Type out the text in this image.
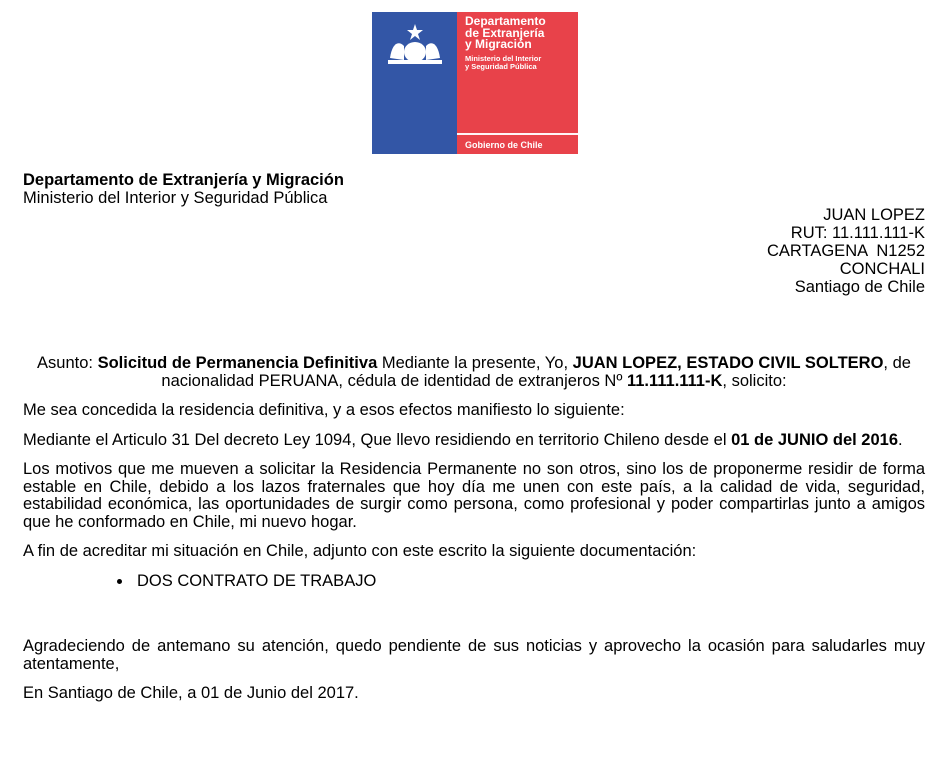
Departamento
de Extranjería
y Migración
Ministerio del Interior
y Seguridad Pública
Gobierno de Chile
Departamento de Extranjería y Migración
Ministerio del Interior y Seguridad Pública
JUAN LOPEZ
RUT: 11.111.111-K
CARTAGENA  N1252
CONCHALI
Santiago de Chile

Asunto: Solicitud de Permanencia Definitiva Mediante la presente, Yo, JUAN LOPEZ, ESTADO CIVIL SOLTERO, de nacionalidad PERUANA, cédula de identidad de extranjeros Nº 11.111.111-K, solicito:

Me sea concedida la residencia definitiva, y a esos efectos manifiesto lo siguiente:

Mediante el Articulo 31 Del decreto Ley 1094, Que llevo residiendo en territorio Chileno desde el 01 de JUNIO del 2016.

Los motivos que me mueven a solicitar la Residencia Permanente no son otros, sino los de proponerme residir de forma estable en Chile, debido a los lazos fraternales que hoy día me unen con este país, a la calidad de vida, seguridad, estabilidad económica, las oportunidades de surgir como persona, como profesional y poder compartirlas junto a amigos que he conformado en Chile, mi nuevo hogar.

A fin de acreditar mi situación en Chile, adjunto con este escrito la siguiente documentación:

• DOS CONTRATO DE TRABAJO

Agradeciendo de antemano su atención, quedo pendiente de sus noticias y aprovecho la ocasión para saludarles muy atentamente,

En Santiago de Chile, a 01 de Junio del 2017.
